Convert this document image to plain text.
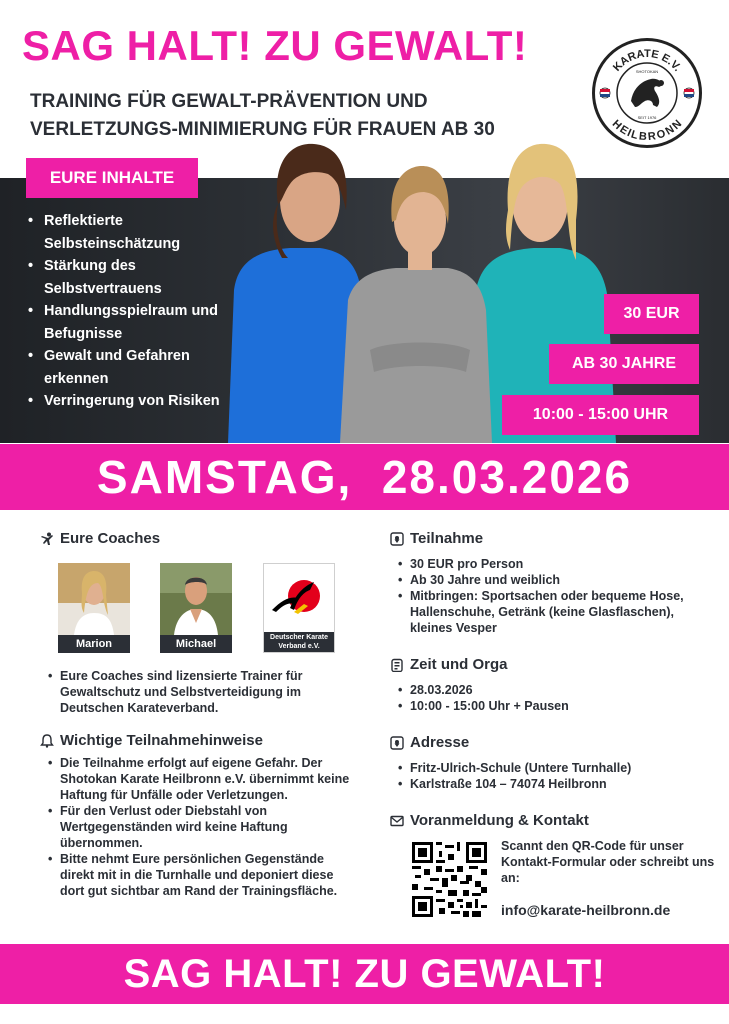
SAG HALT! ZU GEWALT!
TRAINING FÜR GEWALT-PRÄVENTION UND
VERLETZUNGS-MINIMIERUNG FÜR FRAUEN AB 30
KARATE E.V.
HEILBRONN
SHOTOKAN
SEIT 1976
EURE INHALTE
• Reflektierte Selbsteinschätzung
• Stärkung des Selbstvertrauens
• Handlungsspielraum und Befugnisse
• Gewalt und Gefahren erkennen
• Verringerung von Risiken
30 EUR
AB 30 JAHRE
10:00 - 15:00 UHR
SAMSTAG,  28.03.2026
Eure Coaches
Marion	Michael
Deutscher Karate
Verband e.V.
• Eure Coaches sind lizensierte Trainer für Gewaltschutz und Selbstverteidigung im Deutschen Karateverband.
Wichtige Teilnahmehinweise
• Die Teilnahme erfolgt auf eigene Gefahr. Der Shotokan Karate Heilbronn e.V. übernimmt keine Haftung für Unfälle oder Verletzungen.
• Für den Verlust oder Diebstahl von Wertgegenständen wird keine Haftung übernommen.
• Bitte nehmt Eure persönlichen Gegenstände direkt mit in die Turnhalle und deponiert diese dort gut sichtbar am Rand der Trainingsfläche.
Teilnahme
• 30 EUR pro Person
• Ab 30 Jahre und weiblich
• Mitbringen: Sportsachen oder bequeme Hose, Hallenschuhe, Getränk (keine Glasflaschen), kleines Vesper
Zeit und Orga
• 28.03.2026
• 10:00 - 15:00 Uhr + Pausen
Adresse
• Fritz-Ulrich-Schule (Untere Turnhalle)
• Karlstraße 104 – 74074 Heilbronn
Voranmeldung & Kontakt
Scannt den QR-Code für unser Kontakt-Formular oder schreibt uns an:
info@karate-heilbronn.de
SAG HALT! ZU GEWALT!
